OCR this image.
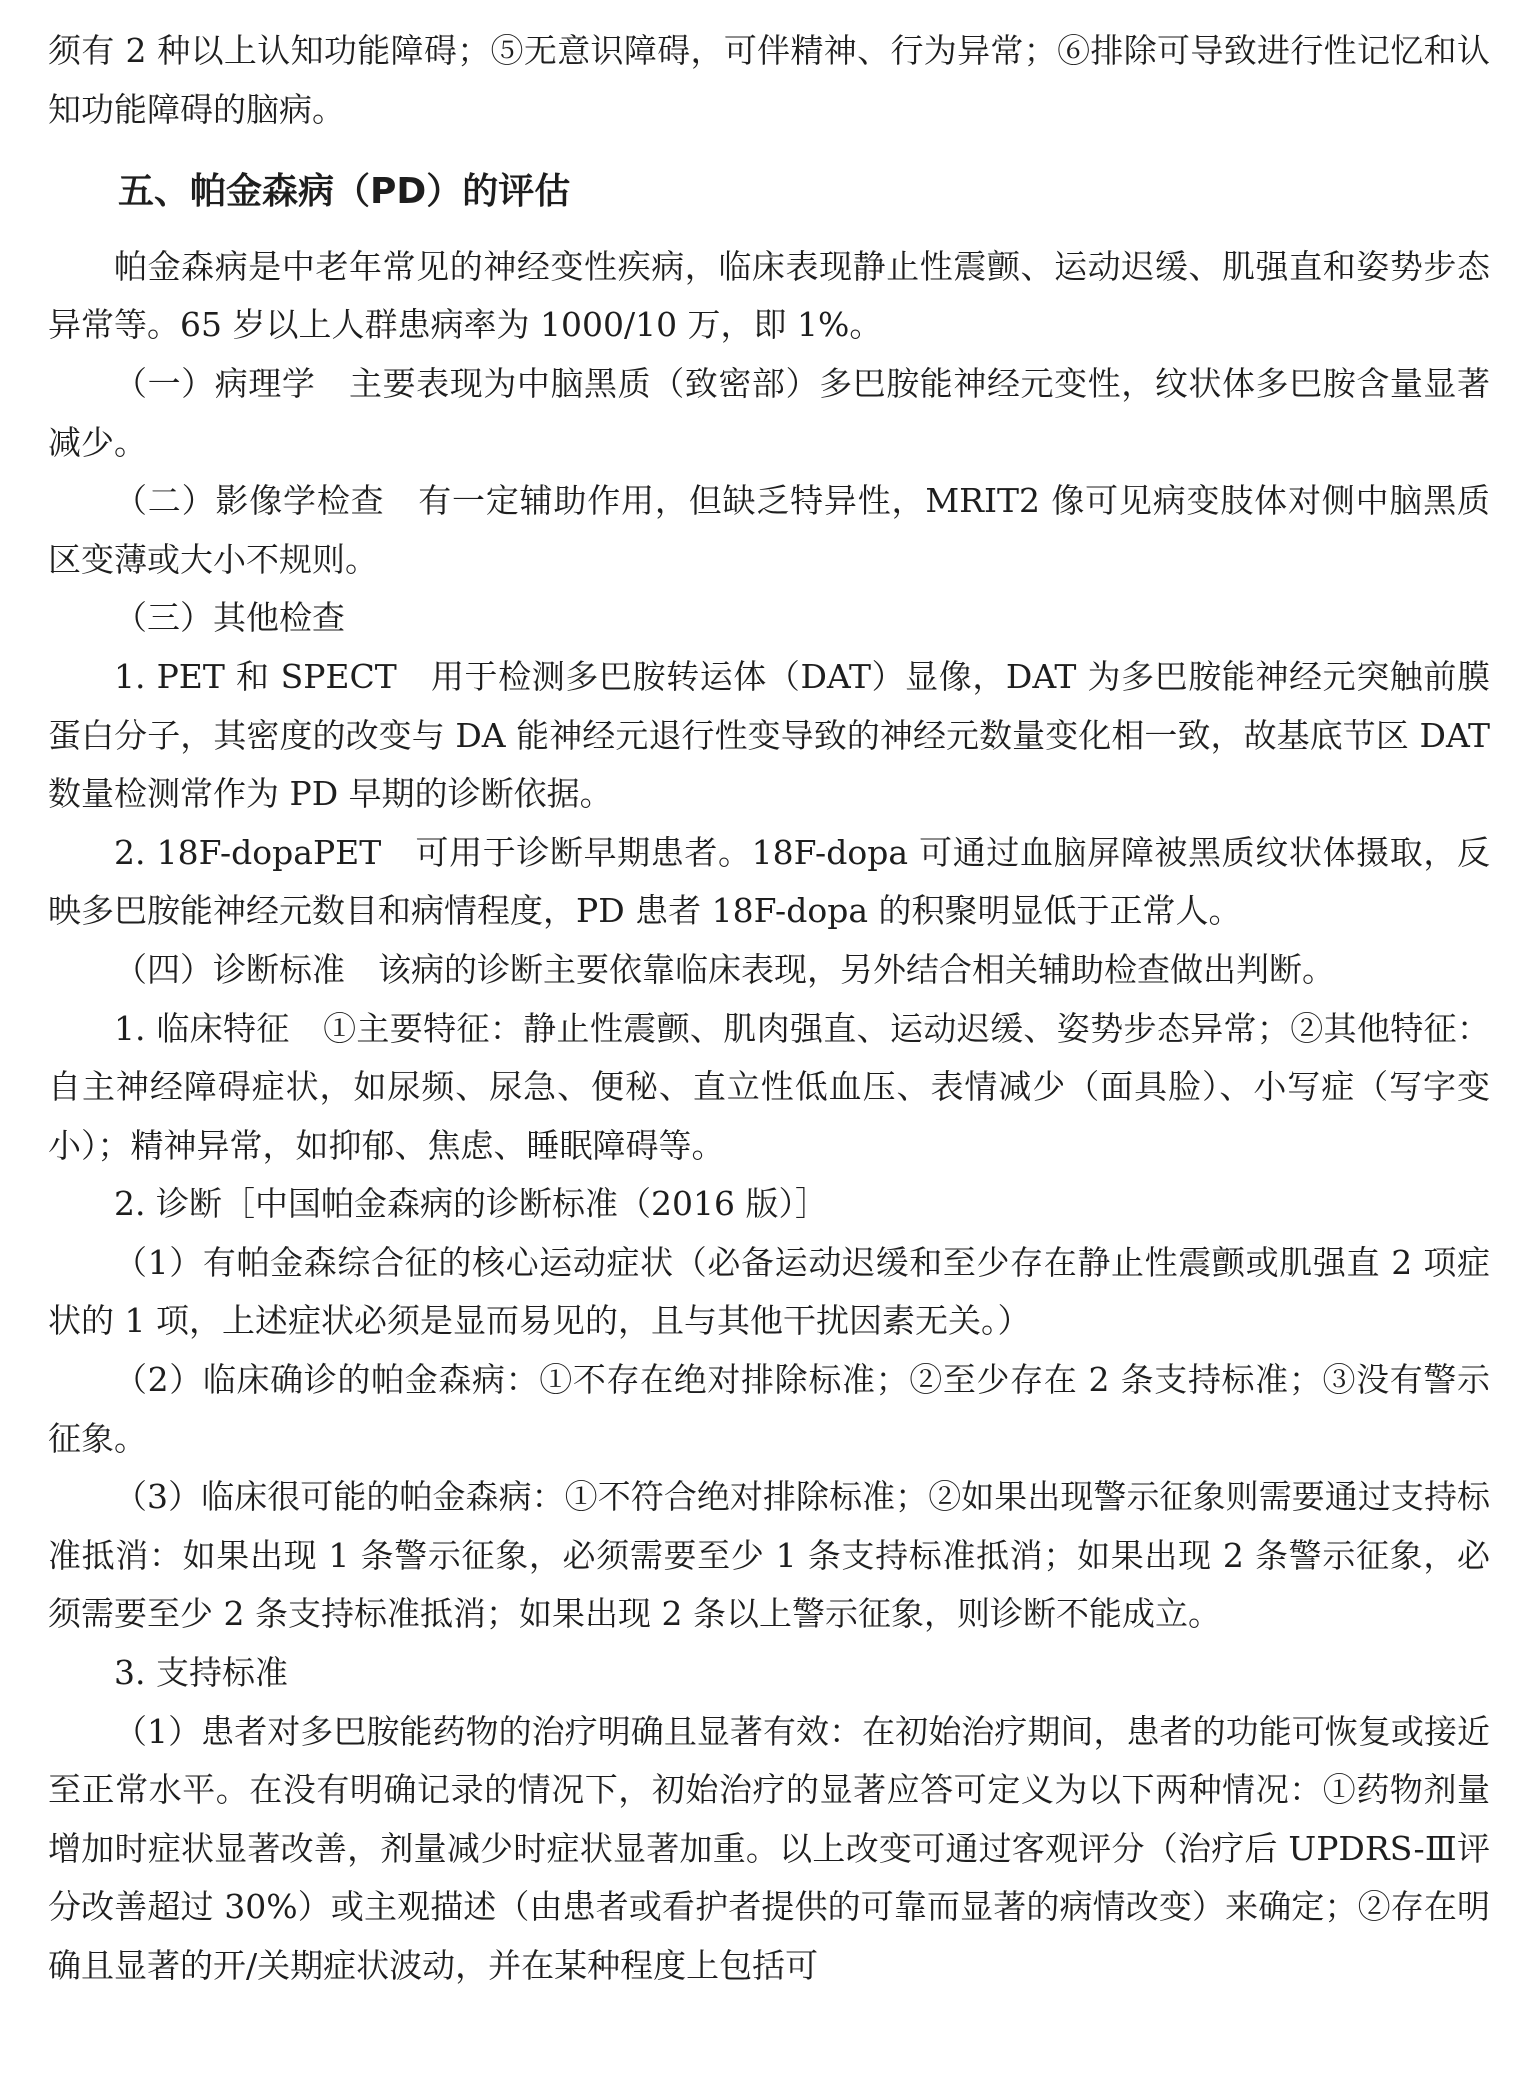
须有 2 种以上认知功能障碍；⑤无意识障碍，可伴精神、行为异常；⑥排除可导致进行性记忆和认知功能障碍的脑病。

五、帕金森病（PD）的评估

帕金森病是中老年常见的神经变性疾病，临床表现静止性震颤、运动迟缓、肌强直和姿势步态异常等。65 岁以上人群患病率为 1000/10 万，即 1%。

（一）病理学　主要表现为中脑黑质（致密部）多巴胺能神经元变性，纹状体多巴胺含量显著减少。

（二）影像学检查　有一定辅助作用，但缺乏特异性，MRIT2 像可见病变肢体对侧中脑黑质区变薄或大小不规则。

（三）其他检查

1. PET 和 SPECT　用于检测多巴胺转运体（DAT）显像，DAT 为多巴胺能神经元突触前膜蛋白分子，其密度的改变与 DA 能神经元退行性变导致的神经元数量变化相一致，故基底节区 DAT 数量检测常作为 PD 早期的诊断依据。

2. 18F-dopaPET　可用于诊断早期患者。18F-dopa 可通过血脑屏障被黑质纹状体摄取，反映多巴胺能神经元数目和病情程度，PD 患者 18F-dopa 的积聚明显低于正常人。

（四）诊断标准　该病的诊断主要依靠临床表现，另外结合相关辅助检查做出判断。

1. 临床特征　①主要特征：静止性震颤、肌肉强直、运动迟缓、姿势步态异常；②其他特征：自主神经障碍症状，如尿频、尿急、便秘、直立性低血压、表情减少（面具脸）、小写症（写字变小）；精神异常，如抑郁、焦虑、睡眠障碍等。

2. 诊断［中国帕金森病的诊断标准（2016 版）］

（1）有帕金森综合征的核心运动症状（必备运动迟缓和至少存在静止性震颤或肌强直 2 项症状的 1 项，上述症状必须是显而易见的，且与其他干扰因素无关。）

（2）临床确诊的帕金森病：①不存在绝对排除标准；②至少存在 2 条支持标准；③没有警示征象。

（3）临床很可能的帕金森病：①不符合绝对排除标准；②如果出现警示征象则需要通过支持标准抵消：如果出现 1 条警示征象，必须需要至少 1 条支持标准抵消；如果出现 2 条警示征象，必须需要至少 2 条支持标准抵消；如果出现 2 条以上警示征象，则诊断不能成立。

3. 支持标准

（1）患者对多巴胺能药物的治疗明确且显著有效：在初始治疗期间，患者的功能可恢复或接近至正常水平。在没有明确记录的情况下，初始治疗的显著应答可定义为以下两种情况：①药物剂量增加时症状显著改善，剂量减少时症状显著加重。以上改变可通过客观评分（治疗后 UPDRS-Ⅲ评分改善超过 30%）或主观描述（由患者或看护者提供的可靠而显著的病情改变）来确定；②存在明确且显著的开/关期症状波动，并在某种程度上包括可
